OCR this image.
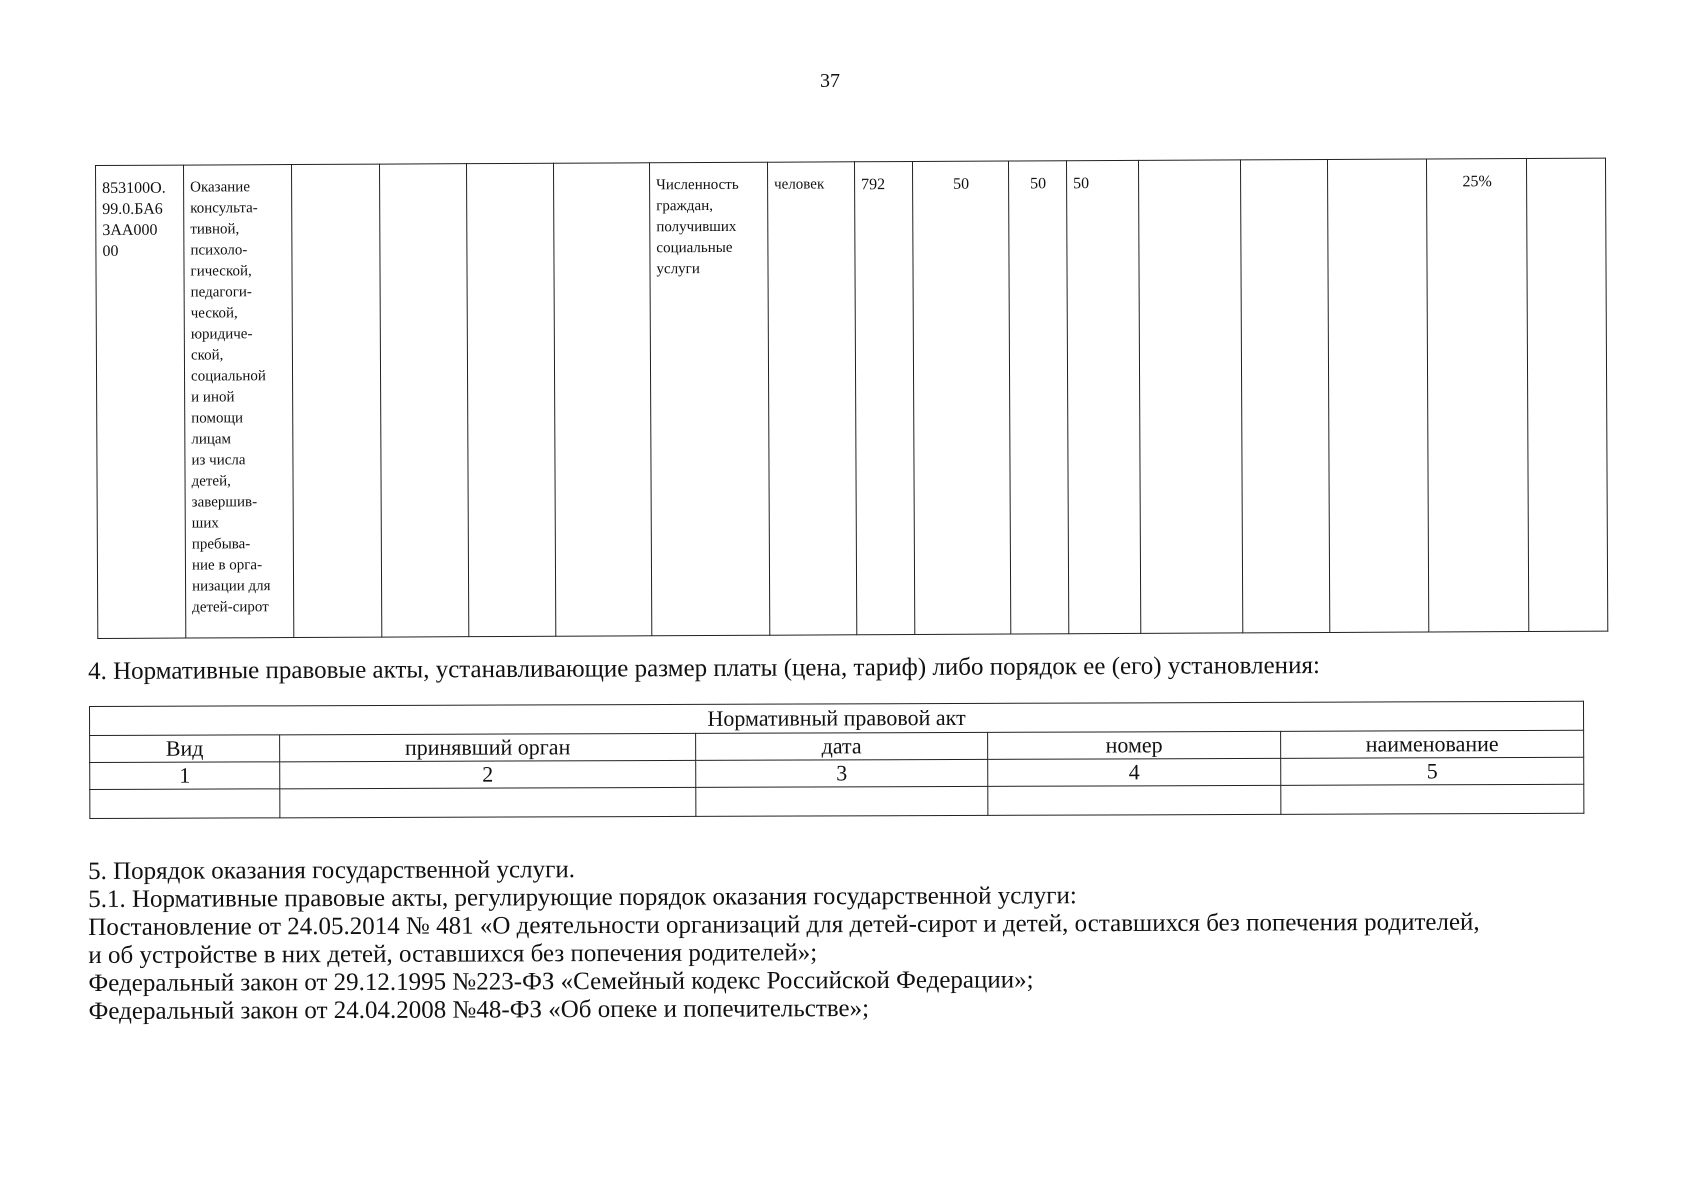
37
853100О.
99.0.БА6
3АА000
00	Оказание
консульта-
тивной,
психоло-
гической,
педагоги-
ческой,
юридиче-
ской,
социальной
и иной
помощи
лицам
из числа
детей,
завершив-
ших
пребыва-
ние в орга-
низации для
детей-сирот					Численность
граждан,
получивших
социальные
услуги	человек	792	50	50	50				25%	
4. Нормативные правовые акты, устанавливающие размер платы (цена, тариф) либо порядок ее (его) установления:
Нормативный правовой акт				
Вид	принявший орган	дата	номер	наименование
1	2	3	4	5

5. Порядок оказания государственной услуги.

5.1. Нормативные правовые акты, регулирующие порядок оказания государственной услуги:

Постановление от 24.05.2014 № 481 «О деятельности организаций для детей-сирот и детей, оставшихся без попечения родителей,

и об устройстве в них детей, оставшихся без попечения родителей»;

Федеральный закон от 29.12.1995 №223-ФЗ «Семейный кодекс Российской Федерации»;

Федеральный закон от 24.04.2008 №48-ФЗ «Об опеке и попечительстве»;
